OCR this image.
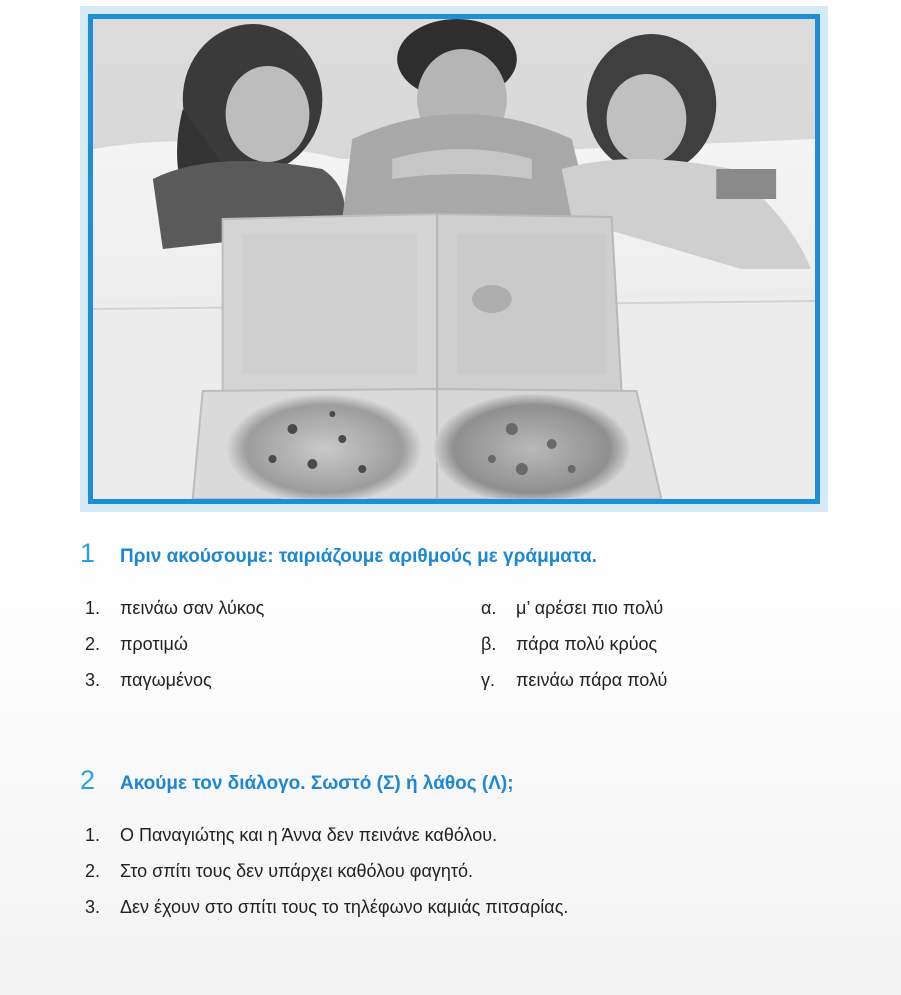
1	Πριν ακούσουμε: ταιριάζουμε αριθμούς με γράμματα.
1.	πεινάω σαν λύκος	α.	μ’ αρέσει πιο πολύ
2.	προτιμώ	β.	πάρα πολύ κρύος
3.	παγωμένος	γ.	πεινάω πάρα πολύ
2	Ακούμε τον διάλογο. Σωστό (Σ) ή λάθος (Λ);
1.	Ο Παναγιώτης και η Άννα δεν πεινάνε καθόλου.
2.	Στο σπίτι τους δεν υπάρχει καθόλου φαγητό.
3.	Δεν έχουν στο σπίτι τους το τηλέφωνο καμιάς πιτσαρίας.
